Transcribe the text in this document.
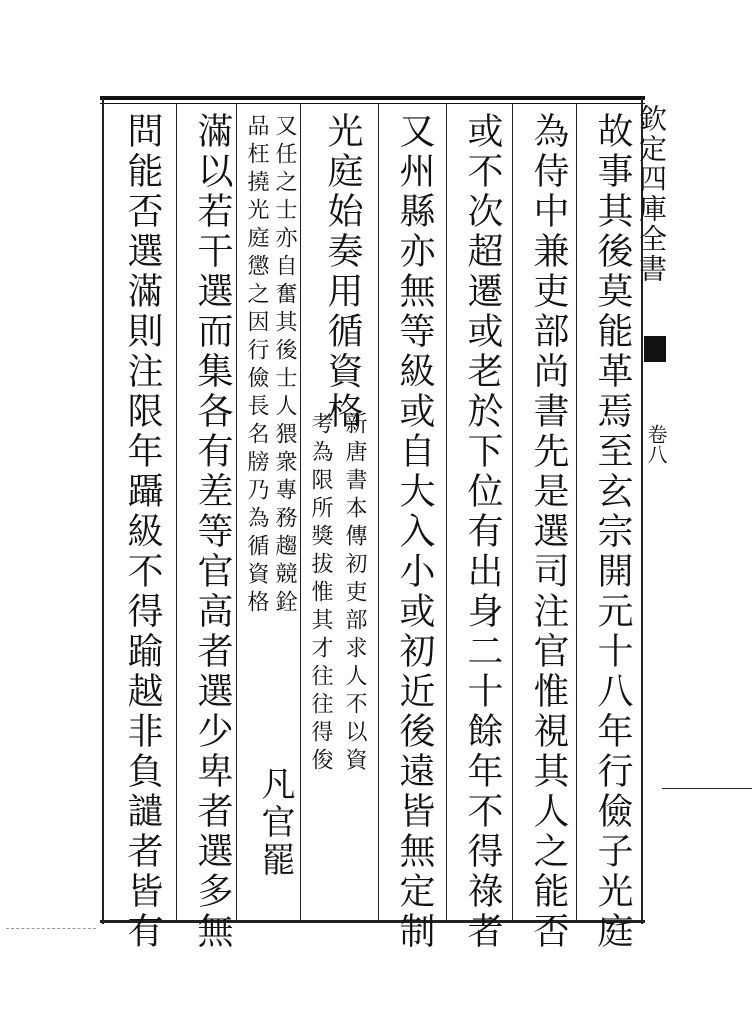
欽定四庫全書
卷八
故事其後莫能革焉至玄宗開元十八年行儉子光庭
為侍中兼吏部尚書先是選司注官惟視其人之能否
或不次超遷或老於下位有出身二十餘年不得祿者
又州縣亦無等級或自大入小或初近後遠皆無定制
光庭始奏用循資格
新唐書本傳初吏部求人不以資
考為限所獎拔惟其才往往得俊
又任之士亦自奮其後士人猥衆專務趨競銓
品枉撓光庭懲之因行儉長名牓乃為循資格
凡官罷
滿以若干選而集各有差等官高者選少卑者選多無
問能否選滿則注限年躡級不得踰越非負譴者皆有
